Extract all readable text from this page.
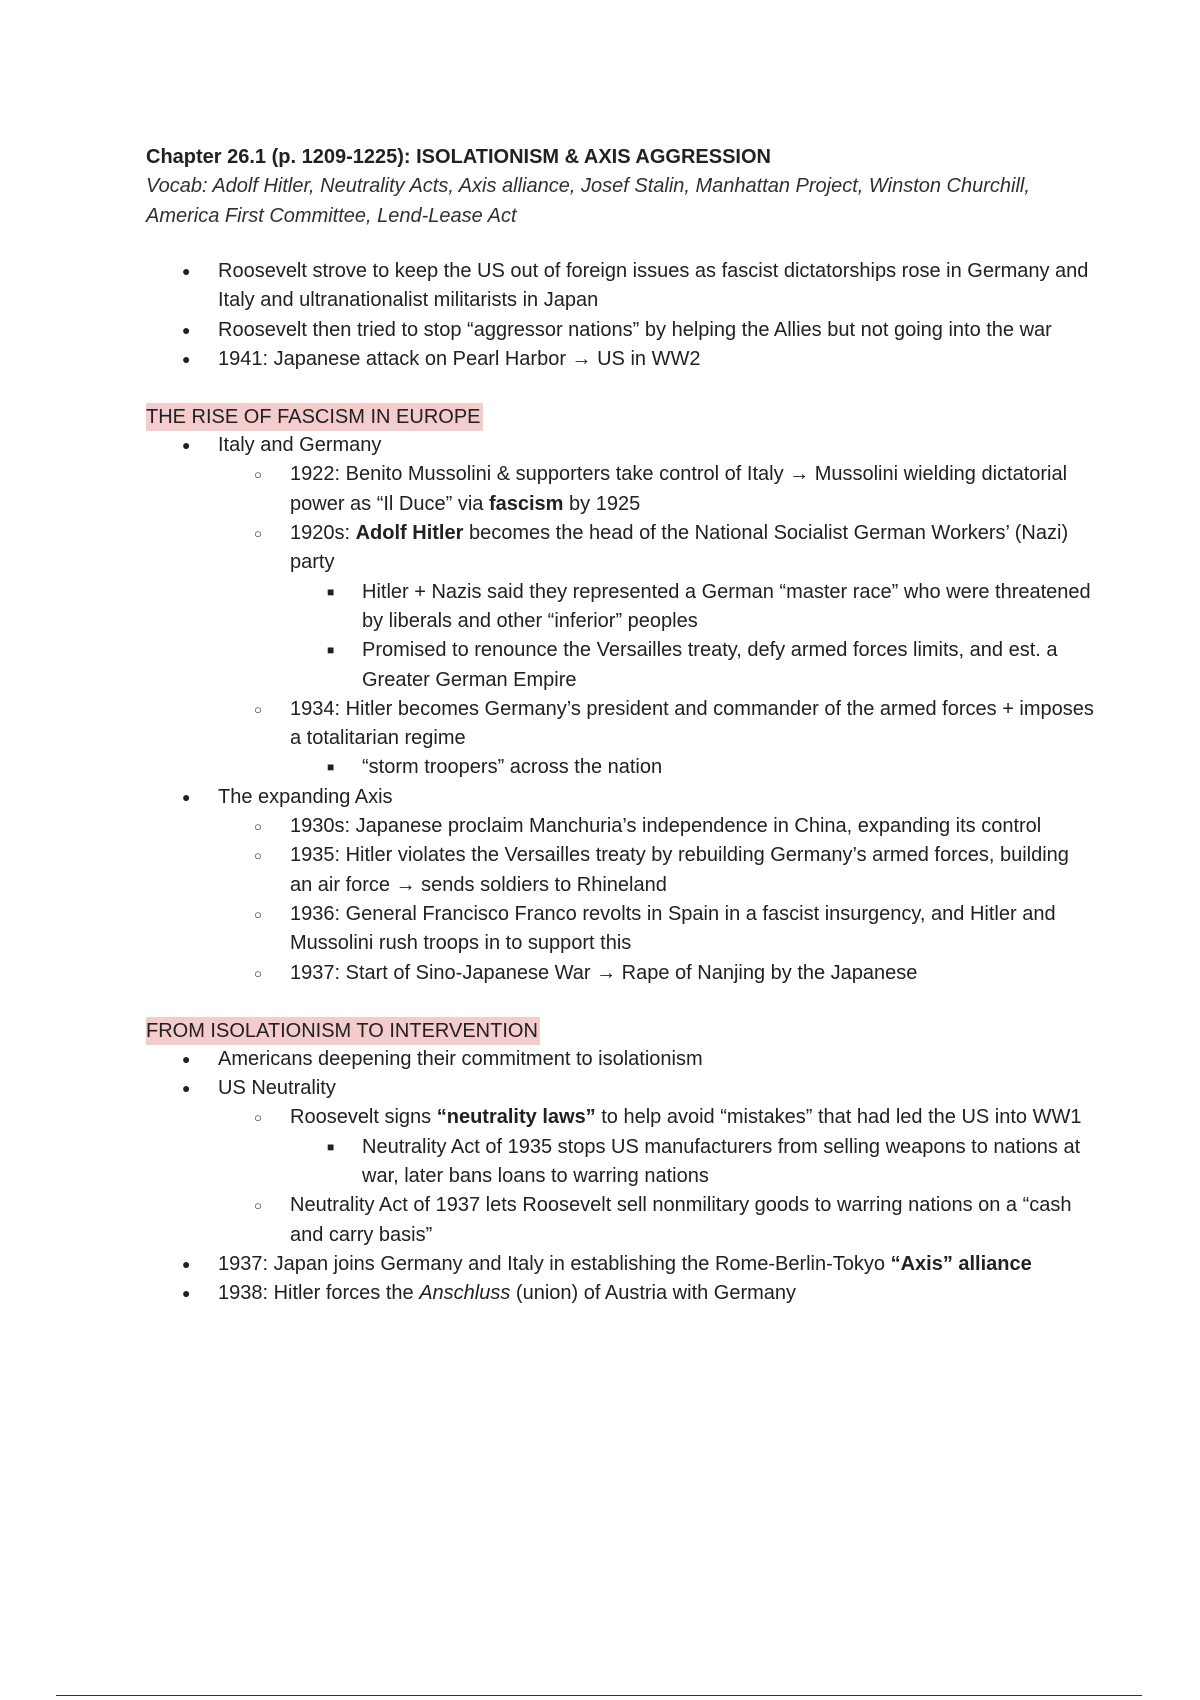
Chapter 26.1 (p. 1209-1225): ISOLATIONISM & AXIS AGGRESSION

Vocab: Adolf Hitler, Neutrality Acts, Axis alliance, Josef Stalin, Manhattan Project, Winston Churchill, America First Committee, Lend-Lease Act

● Roosevelt strove to keep the US out of foreign issues as fascist dictatorships rose in Germany and Italy and ultranationalist militarists in Japan
● Roosevelt then tried to stop “aggressor nations” by helping the Allies but not going into the war
● 1941: Japanese attack on Pearl Harbor → US in WW2
THE RISE OF FASCISM IN EUROPE
● Italy and Germany
○ 1922: Benito Mussolini & supporters take control of Italy → Mussolini wielding dictatorial power as “Il Duce” via fascism by 1925
○ 1920s: Adolf Hitler becomes the head of the National Socialist German Workers’ (Nazi) party
■ Hitler + Nazis said they represented a German “master race” who were threatened by liberals and other “inferior” peoples
■ Promised to renounce the Versailles treaty, defy armed forces limits, and est. a Greater German Empire
○ 1934: Hitler becomes Germany’s president and commander of the armed forces + imposes a totalitarian regime
■ “storm troopers” across the nation
● The expanding Axis
○ 1930s: Japanese proclaim Manchuria’s independence in China, expanding its control
○ 1935: Hitler violates the Versailles treaty by rebuilding Germany’s armed forces, building an air force → sends soldiers to Rhineland
○ 1936: General Francisco Franco revolts in Spain in a fascist insurgency, and Hitler and Mussolini rush troops in to support this
○ 1937: Start of Sino-Japanese War → Rape of Nanjing by the Japanese
FROM ISOLATIONISM TO INTERVENTION
● Americans deepening their commitment to isolationism
● US Neutrality
○ Roosevelt signs “neutrality laws” to help avoid “mistakes” that had led the US into WW1
■ Neutrality Act of 1935 stops US manufacturers from selling weapons to nations at war, later bans loans to warring nations
○ Neutrality Act of 1937 lets Roosevelt sell nonmilitary goods to warring nations on a “cash and carry basis”
● 1937: Japan joins Germany and Italy in establishing the Rome-Berlin-Tokyo “Axis” alliance
● 1938: Hitler forces the Anschluss (union) of Austria with Germany
